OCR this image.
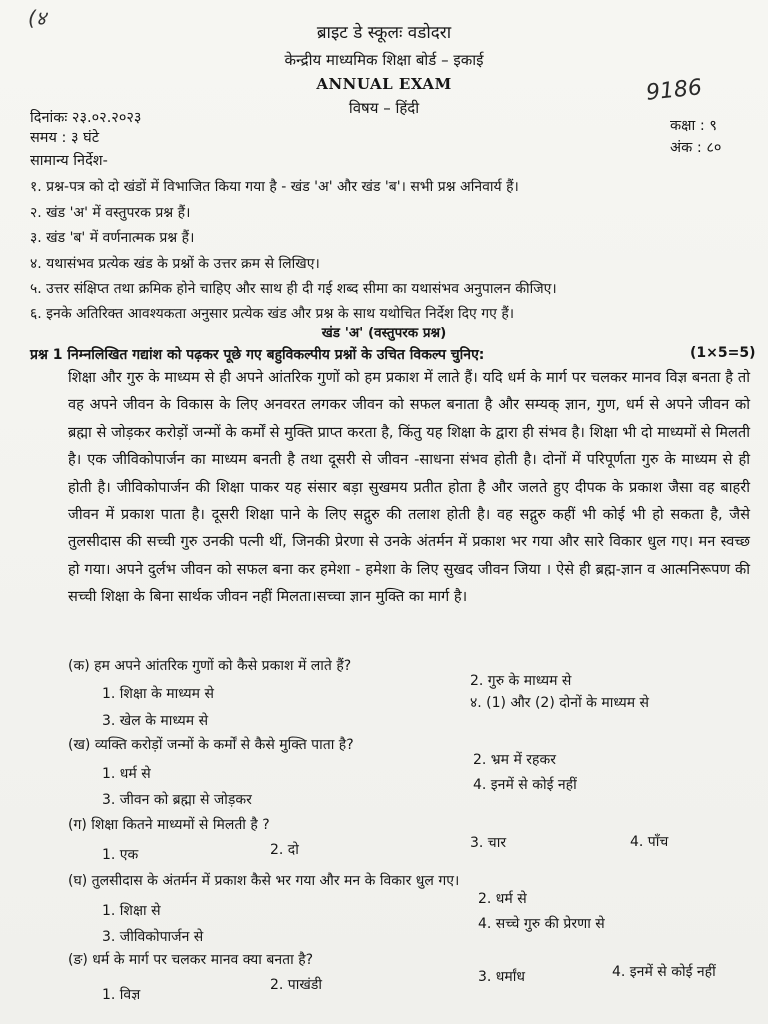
(४
ब्राइट डे स्कूलः वडोदरा
केन्द्रीय माध्यमिक शिक्षा बोर्ड – इकाई
ANNUAL EXAM
विषय – हिंदी
9186
दिनांकः २३.०२.२०२३
समय : ३ घंटे
कक्षा : ९
अंक : ८०
सामान्य निर्देश-
१. प्रश्न-पत्र को दो खंडों में विभाजित किया गया है - खंड 'अ' और खंड 'ब'। सभी प्रश्न अनिवार्य हैं।
२. खंड 'अ' में वस्तुपरक प्रश्न हैं।
३. खंड 'ब' में वर्णनात्मक प्रश्न हैं।
४. यथासंभव प्रत्येक खंड के प्रश्नों के उत्तर क्रम से लिखिए।
५. उत्तर संक्षिप्त तथा क्रमिक होने चाहिए और साथ ही दी गई शब्द सीमा का यथासंभव अनुपालन कीजिए।
६. इनके अतिरिक्त आवश्यकता अनुसार प्रत्येक खंड और प्रश्न के साथ यथोचित निर्देश दिए गए हैं।
खंड 'अ' (वस्तुपरक प्रश्न)
प्रश्न 1 निम्नलिखित गद्यांश को पढ़कर पूछे गए बहुविकल्पीय प्रश्नों के उचित विकल्प चुनिए:	(1×5=5)
शिक्षा और गुरु के माध्यम से ही अपने आंतरिक गुणों को हम प्रकाश में लाते हैं। यदि धर्म के मार्ग पर चलकर मानव विज्ञ बनता है तो वह अपने जीवन के विकास के लिए अनवरत लगकर जीवन को सफल बनाता है और सम्यक् ज्ञान, गुण, धर्म से अपने जीवन को ब्रह्मा से जोड़कर करोड़ों जन्मों के कर्मों से मुक्ति प्राप्त करता है, किंतु यह शिक्षा के द्वारा ही संभव है। शिक्षा भी दो माध्यमों से मिलती है। एक जीविकोपार्जन का माध्यम बनती है तथा दूसरी से जीवन -साधना संभव होती है। दोनों में परिपूर्णता गुरु के माध्यम से ही होती है। जीविकोपार्जन की शिक्षा पाकर यह संसार बड़ा सुखमय प्रतीत होता है और जलते हुए दीपक के प्रकाश जैसा वह बाहरी जीवन में प्रकाश पाता है। दूसरी शिक्षा पाने के लिए सद्गुरु की तलाश होती है। वह सद्गुरु कहीं भी कोई भी हो सकता है, जैसे तुलसीदास की सच्ची गुरु उनकी पत्नी थीं, जिनकी प्रेरणा से उनके अंतर्मन में प्रकाश भर गया और सारे विकार धुल गए। मन स्वच्छ हो गया। अपने दुर्लभ जीवन को सफल बना कर हमेशा - हमेशा के लिए सुखद जीवन जिया । ऐसे ही ब्रह्म-ज्ञान व आत्मनिरूपण की सच्ची शिक्षा के बिना सार्थक जीवन नहीं मिलता।सच्चा ज्ञान मुक्ति का मार्ग है।
(क) हम अपने आंतरिक गुणों को कैसे प्रकाश में लाते हैं?
1. शिक्षा के माध्यम से
2. गुरु के माध्यम से
3. खेल के माध्यम से
४. (1) और (2) दोनों के माध्यम से
(ख) व्यक्ति करोड़ों जन्मों के कर्मों से कैसे मुक्ति पाता है?
1. धर्म से
2. भ्रम में रहकर
3. जीवन को ब्रह्मा से जोड़कर
4. इनमें से कोई नहीं
(ग) शिक्षा कितने माध्यमों से मिलती है ?
1. एक	2. दो	3. चार	4. पाँच
(घ) तुलसीदास के अंतर्मन में प्रकाश कैसे भर गया और मन के विकार धुल गए।
1. शिक्षा से
2. धर्म से
3. जीविकोपार्जन से
4. सच्चे गुरु की प्रेरणा से
(ङ) धर्म के मार्ग पर चलकर मानव क्या बनता है?
1. विज्ञ
2. पाखंडी	3. धर्मांध	4. इनमें से कोई नहीं
